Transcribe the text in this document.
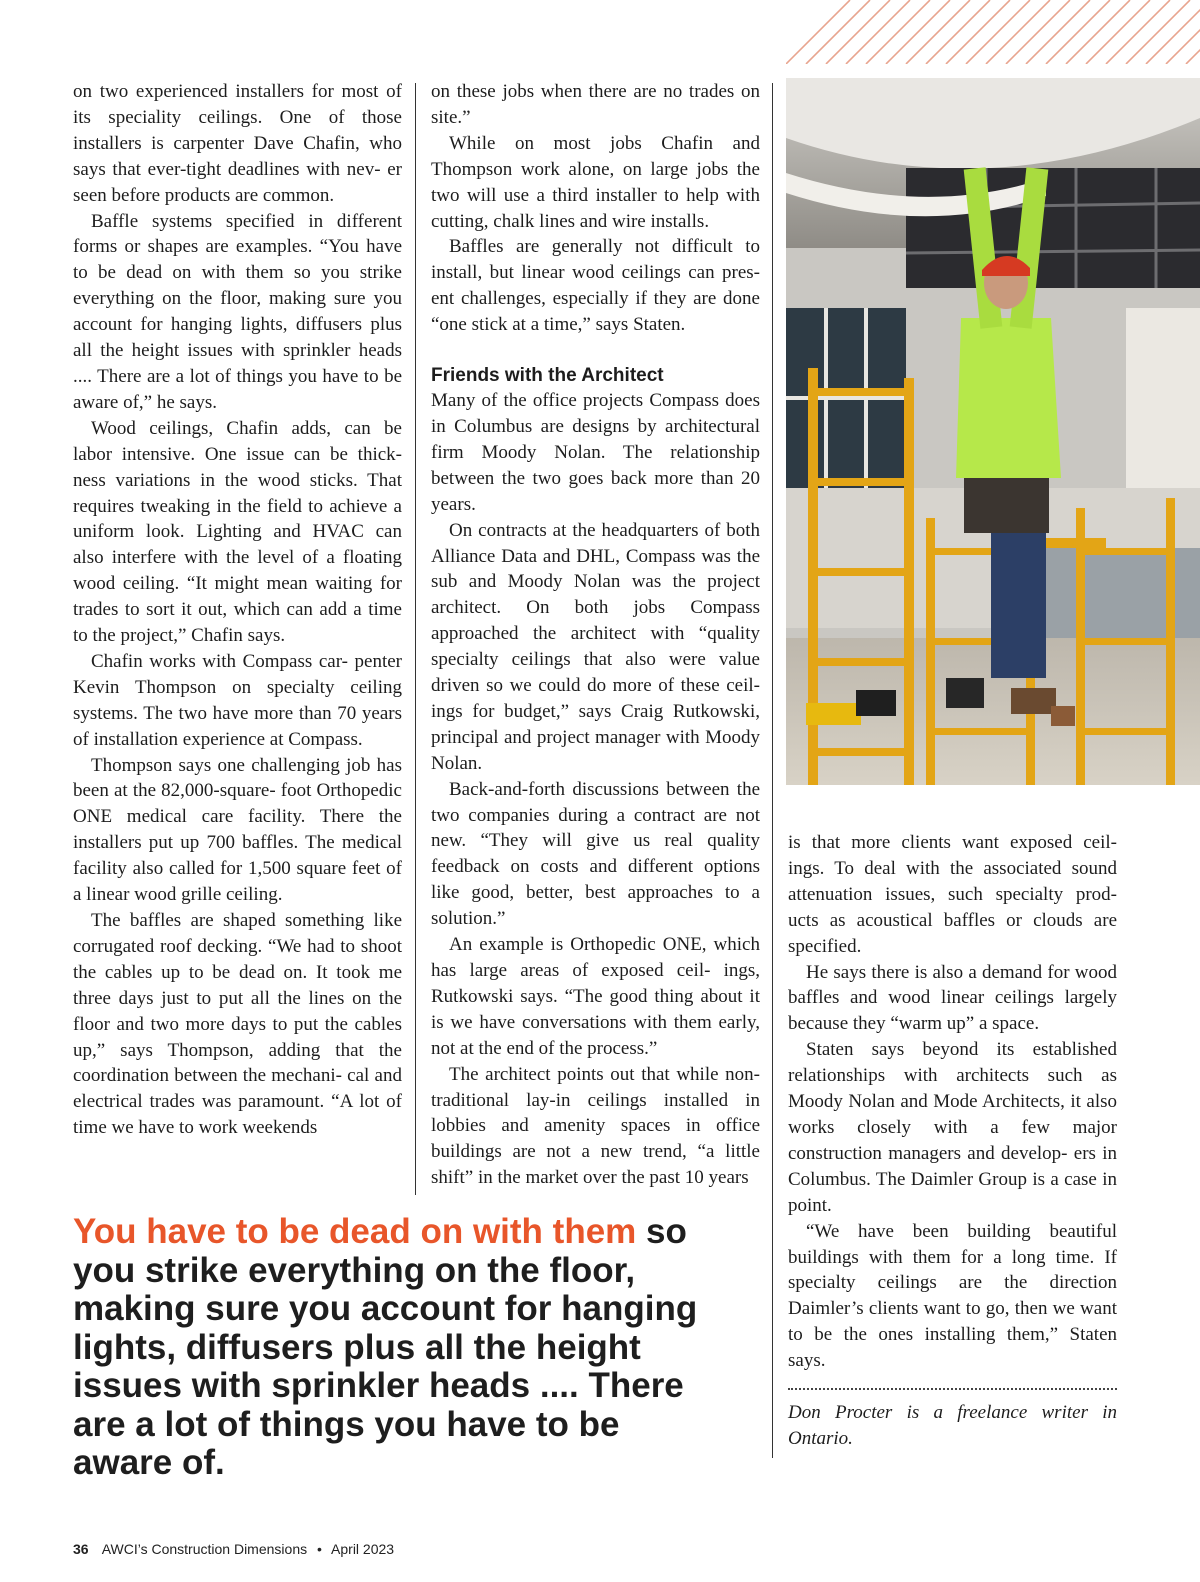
on two experienced installers for most of its speciality ceilings. One of those installers is carpenter Dave Chafin, who says that ever-tight deadlines with nev- er seen before products are common.

Baffle systems specified in different forms or shapes are examples. “You have to be dead on with them so you strike everything on the floor, making sure you account for hanging lights, diffusers plus all the height issues with sprinkler heads .... There are a lot of things you have to be aware of,” he says.

Wood ceilings, Chafin adds, can be labor intensive. One issue can be thick- ness variations in the wood sticks. That requires tweaking in the field to achieve a uniform look. Lighting and HVAC can also interfere with the level of a floating wood ceiling. “It might mean waiting for trades to sort it out, which can add a time to the project,” Chafin says.

Chafin works with Compass car- penter Kevin Thompson on specialty ceiling systems. The two have more than 70 years of installation experience at Compass.

Thompson says one challenging job has been at the 82,000-square- foot Orthopedic ONE medical care facility. There the installers put up 700 baffles. The medical facility also called for 1,500 square feet of a linear wood grille ceiling.

The baffles are shaped something like corrugated roof decking. “We had to shoot the cables up to be dead on. It took me three days just to put all the lines on the floor and two more days to put the cables up,” says Thompson, adding that the coordination between the mechani- cal and electrical trades was paramount. “A lot of time we have to work weekends

on these jobs when there are no trades on site.”

While on most jobs Chafin and Thompson work alone, on large jobs the two will use a third installer to help with cutting, chalk lines and wire installs.

Baffles are generally not difficult to install, but linear wood ceilings can pres- ent challenges, especially if they are done “one stick at a time,” says Staten.

Friends with the Architect

Many of the office projects Compass does in Columbus are designs by architectural firm Moody Nolan. The relationship between the two goes back more than 20 years.

On contracts at the headquarters of both Alliance Data and DHL, Compass was the sub and Moody Nolan was the project architect. On both jobs Compass approached the architect with “quality specialty ceilings that also were value driven so we could do more of these ceil- ings for budget,” says Craig Rutkowski, principal and project manager with Moody Nolan.

Back-and-forth discussions between the two companies during a contract are not new. “They will give us real quality feedback on costs and different options like good, better, best approaches to a solution.”

An example is Orthopedic ONE, which has large areas of exposed ceil- ings, Rutkowski says. “The good thing about it is we have conversations with them early, not at the end of the process.”

The architect points out that while non-traditional lay-in ceilings installed in lobbies and amenity spaces in office buildings are not a new trend, “a little shift” in the market over the past 10 years

is that more clients want exposed ceil- ings. To deal with the associated sound attenuation issues, such specialty prod- ucts as acoustical baffles or clouds are specified.

He says there is also a demand for wood baffles and wood linear ceilings largely because they “warm up” a space.

Staten says beyond its established relationships with architects such as Moody Nolan and Mode Architects, it also works closely with a few major construction managers and develop- ers in Columbus. The Daimler Group is a case in point.

“We have been building beautiful buildings with them for a long time. If specialty ceilings are the direction Daimler’s clients want to go, then we want to be the ones installing them,” Staten says.

Don Procter is a freelance writer in Ontario.

You have to be dead on with them so you strike everything on the floor, making sure you account for hanging lights, diffusers plus all the height issues with sprinkler heads .... There are a lot of things you have to be aware of.
36 AWCI’s Construction Dimensions • April 2023
